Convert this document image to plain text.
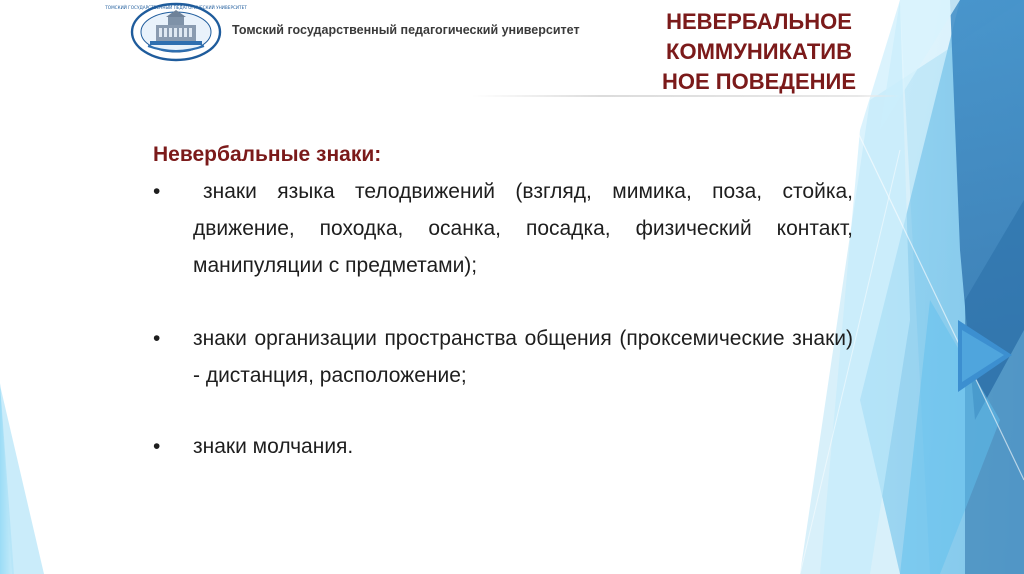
ТОМСКИЙ ГОСУДАРСТВЕННЫЙ ПЕДАГОГИЧЕСКИЙ УНИВЕРСИТЕТ
Томский государственный педагогический университет	НЕВЕРБАЛЬНОЕ
КОММУНИКАТИВ
НОЕ ПОВЕДЕНИЕ

Невербальные знаки:

•	знаки языка телодвижений (взгляд, мимика, поза, стойка, движение, походка, осанка, посадка, физический контакт, манипуляции с предметами);
•	знаки организации пространства общения (проксемические знаки) - дистанция, расположение;
•	знаки молчания.
